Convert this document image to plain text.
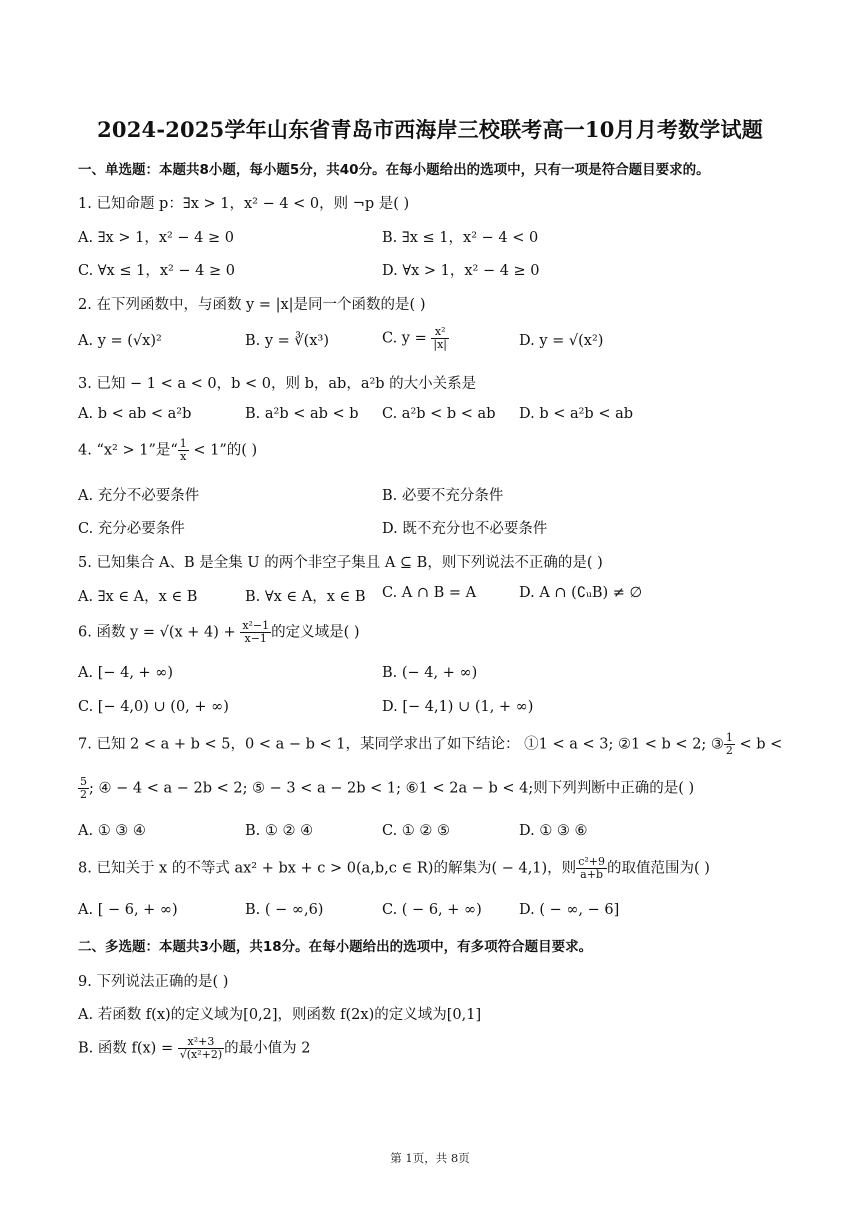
2024-2025学年山东省青岛市西海岸三校联考高一10月月考数学试题
一、单选题：本题共8小题，每小题5分，共40分。在每小题给出的选项中，只有一项是符合题目要求的。
1. 已知命题 p：∃x > 1，x² − 4 < 0，则 ¬p 是( )
A. ∃x > 1，x² − 4 ≥ 0	B. ∃x ≤ 1，x² − 4 < 0
C. ∀x ≤ 1，x² − 4 ≥ 0	D. ∀x > 1，x² − 4 ≥ 0
2. 在下列函数中，与函数 y = |x|是同一个函数的是( )
A. y = (√x)²	B. y = ∛(x³)	C. $y = \frac{\text{x²}}{|x|}$	D. y = √(x²)
3. 已知 − 1 < a < 0，b < 0，则 b，ab，a²b 的大小关系是
A. b < ab < a²b	B. a²b < ab < b C. a²b < b < ab D. b < a²b < ab
4. “x² > 1”是“ $\frac{1}{x} < 1$”的( )
A. 充分不必要条件	B. 必要不充分条件
C. 充分必要条件	D. 既不充分也不必要条件
5. 已知集合 A、B 是全集 U 的两个非空子集且 A ⊆ B，则下列说法不正确的是( )
A. ∃x ∈ A，x ∈ B	B. ∀x ∈ A，x ∈ B C. A ∩ B = A	D. A ∩ (∁ᵤB) ≠ ∅
6. 函数 $y = √(x + 4) + \frac{\text{x²−1}}{x-1}$ 的定义域是( )
A. [− 4, + ∞)	B. (− 4, + ∞)
C. [− 4,0) ∪ (0, + ∞)	D. [− 4,1) ∪ (1, + ∞)
7. 已知 2 < a + b < 5，0 < a − b < 1，某同学求出了如下结论： ①1 < a < 3; ②1 < b < 2; ③ $\frac{1}{2} < b$ <
$\frac{5}{2}$ ; ④ − 4 < a − 2b < 2; ⑤ − 3 < a − 2b < 1; ⑥1 < 2a − b < 4;则下列判断中正确的是( )
A. ① ③ ④	B. ① ② ④	C. ① ② ⑤	D. ① ③ ⑥
8. 已知关于 x 的不等式 ax² + bx + c > 0(a,b,c ∈ R)的解集为( − 4,1)，则 $\frac{\text{c²+9}}{a+b}$ 的取值范围为( )
A. [ − 6, + ∞)	B. ( − ∞,6)	C. ( − 6, + ∞)	D. ( − ∞, − 6]
二、多选题：本题共3小题，共18分。在每小题给出的选项中，有多项符合题目要求。
9. 下列说法正确的是( )
A. 若函数 f(x)的定义域为[0,2]，则函数 f(2x)的定义域为[0,1]
B. 函数 $f(x) = \frac{\text{x²+3}}{\text{√(x²+2)}}$ 的最小值为 2
第 1页，共 8页
